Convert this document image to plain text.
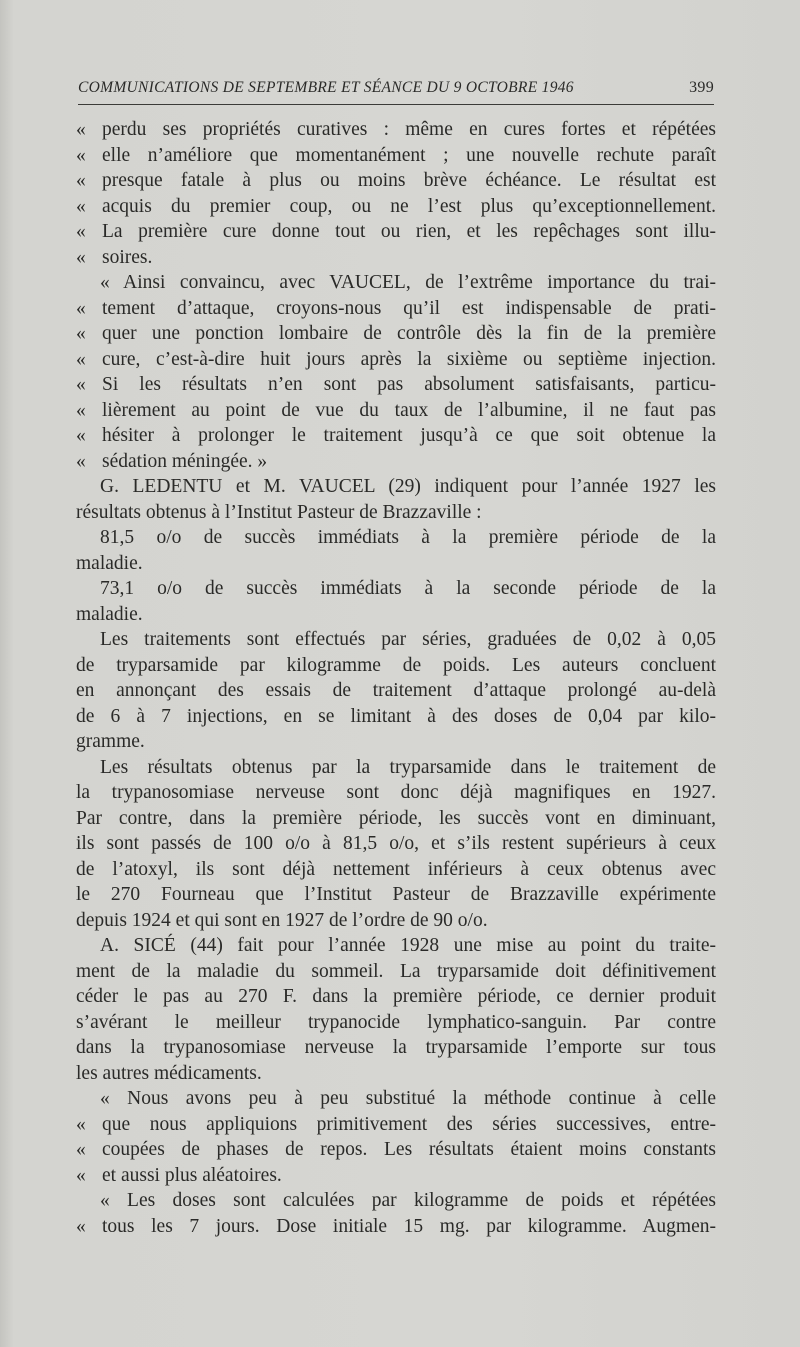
COMMUNICATIONS DE SEPTEMBRE ET SÉANCE DU 9 OCTOBRE 1946	399
« perdu ses propriétés curatives : même en cures fortes et répétées
« elle n’améliore que momentanément ; une nouvelle rechute paraît
« presque fatale à plus ou moins brève échéance. Le résultat est
« acquis du premier coup, ou ne l’est plus qu’exceptionnellement.
« La première cure donne tout ou rien, et les repêchages sont illu-
« soires.
« Ainsi convaincu, avec VAUCEL, de l’extrême importance du trai-
« tement d’attaque, croyons-nous qu’il est indispensable de prati-
« quer une ponction lombaire de contrôle dès la fin de la première
« cure, c’est-à-dire huit jours après la sixième ou septième injection.
« Si les résultats n’en sont pas absolument satisfaisants, particu-
« lièrement au point de vue du taux de l’albumine, il ne faut pas
« hésiter à prolonger le traitement jusqu’à ce que soit obtenue la
« sédation méningée. »
G. LEDENTU et M. VAUCEL (29) indiquent pour l’année 1927 les
résultats obtenus à l’Institut Pasteur de Brazzaville :
81,5 o/o de succès immédiats à la première période de la
maladie.
73,1 o/o de succès immédiats à la seconde période de la
maladie.
Les traitements sont effectués par séries, graduées de 0,02 à 0,05
de tryparsamide par kilogramme de poids. Les auteurs concluent
en annonçant des essais de traitement d’attaque prolongé au-delà
de 6 à 7 injections, en se limitant à des doses de 0,04 par kilo-
gramme.
Les résultats obtenus par la tryparsamide dans le traitement de
la trypanosomiase nerveuse sont donc déjà magnifiques en 1927.
Par contre, dans la première période, les succès vont en diminuant,
ils sont passés de 100 o/o à 81,5 o/o, et s’ils restent supérieurs à ceux
de l’atoxyl, ils sont déjà nettement inférieurs à ceux obtenus avec
le 270 Fourneau que l’Institut Pasteur de Brazzaville expérimente
depuis 1924 et qui sont en 1927 de l’ordre de 90 o/o.
A. SICÉ (44) fait pour l’année 1928 une mise au point du traite-
ment de la maladie du sommeil. La tryparsamide doit définitivement
céder le pas au 270 F. dans la première période, ce dernier produit
s’avérant le meilleur trypanocide lymphatico-sanguin. Par contre
dans la trypanosomiase nerveuse la tryparsamide l’emporte sur tous
les autres médicaments.
« Nous avons peu à peu substitué la méthode continue à celle
« que nous appliquions primitivement des séries successives, entre-
« coupées de phases de repos. Les résultats étaient moins constants
« et aussi plus aléatoires.
« Les doses sont calculées par kilogramme de poids et répétées
« tous les 7 jours. Dose initiale 15 mg. par kilogramme. Augmen-
